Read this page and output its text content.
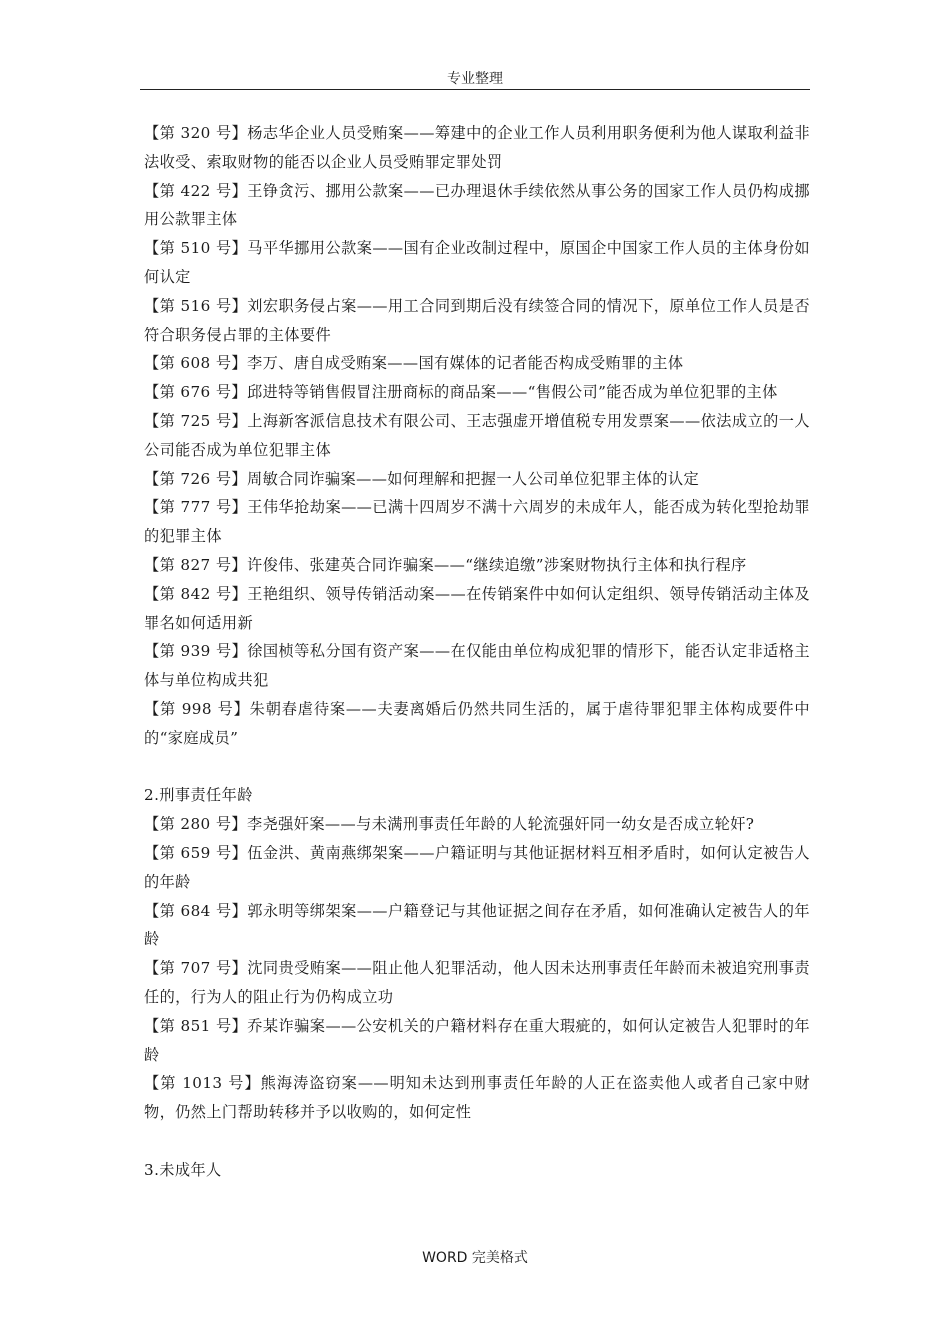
专业整理

【第 320 号】杨志华企业人员受贿案——筹建中的企业工作人员利用职务便利为他人谋取利益非法收受、索取财物的能否以企业人员受贿罪定罪处罚

【第 422 号】王铮贪污、挪用公款案——已办理退休手续依然从事公务的国家工作人员仍构成挪用公款罪主体

【第 510 号】马平华挪用公款案——国有企业改制过程中，原国企中国家工作人员的主体身份如何认定

【第 516 号】刘宏职务侵占案——用工合同到期后没有续签合同的情况下，原单位工作人员是否符合职务侵占罪的主体要件

【第 608 号】李万、唐自成受贿案——国有媒体的记者能否构成受贿罪的主体

【第 676 号】邱进特等销售假冒注册商标的商品案——“售假公司”能否成为单位犯罪的主体

【第 725 号】上海新客派信息技术有限公司、王志强虚开增值税专用发票案——依法成立的一人公司能否成为单位犯罪主体

【第 726 号】周敏合同诈骗案——如何理解和把握一人公司单位犯罪主体的认定

【第 777 号】王伟华抢劫案——已满十四周岁不满十六周岁的未成年人，能否成为转化型抢劫罪的犯罪主体

【第 827 号】许俊伟、张建英合同诈骗案——“继续追缴”涉案财物执行主体和执行程序

【第 842 号】王艳组织、领导传销活动案——在传销案件中如何认定组织、领导传销活动主体及罪名如何适用新

【第 939 号】徐国桢等私分国有资产案——在仅能由单位构成犯罪的情形下，能否认定非适格主体与单位构成共犯

【第 998 号】朱朝春虐待案——夫妻离婚后仍然共同生活的，属于虐待罪犯罪主体构成要件中的“家庭成员”

2.刑事责任年龄

【第 280 号】李尧强奸案——与未满刑事责任年龄的人轮流强奸同一幼女是否成立轮奸?

【第 659 号】伍金洪、黄南燕绑架案——户籍证明与其他证据材料互相矛盾时，如何认定被告人的年龄

【第 684 号】郭永明等绑架案——户籍登记与其他证据之间存在矛盾，如何准确认定被告人的年龄

【第 707 号】沈同贵受贿案——阻止他人犯罪活动，他人因未达刑事责任年龄而未被追究刑事责任的，行为人的阻止行为仍构成立功

【第 851 号】乔某诈骗案——公安机关的户籍材料存在重大瑕疵的，如何认定被告人犯罪时的年龄

【第 1013 号】熊海涛盗窃案——明知未达到刑事责任年龄的人正在盗卖他人或者自己家中财物，仍然上门帮助转移并予以收购的，如何定性

3.未成年人

WORD 完美格式
